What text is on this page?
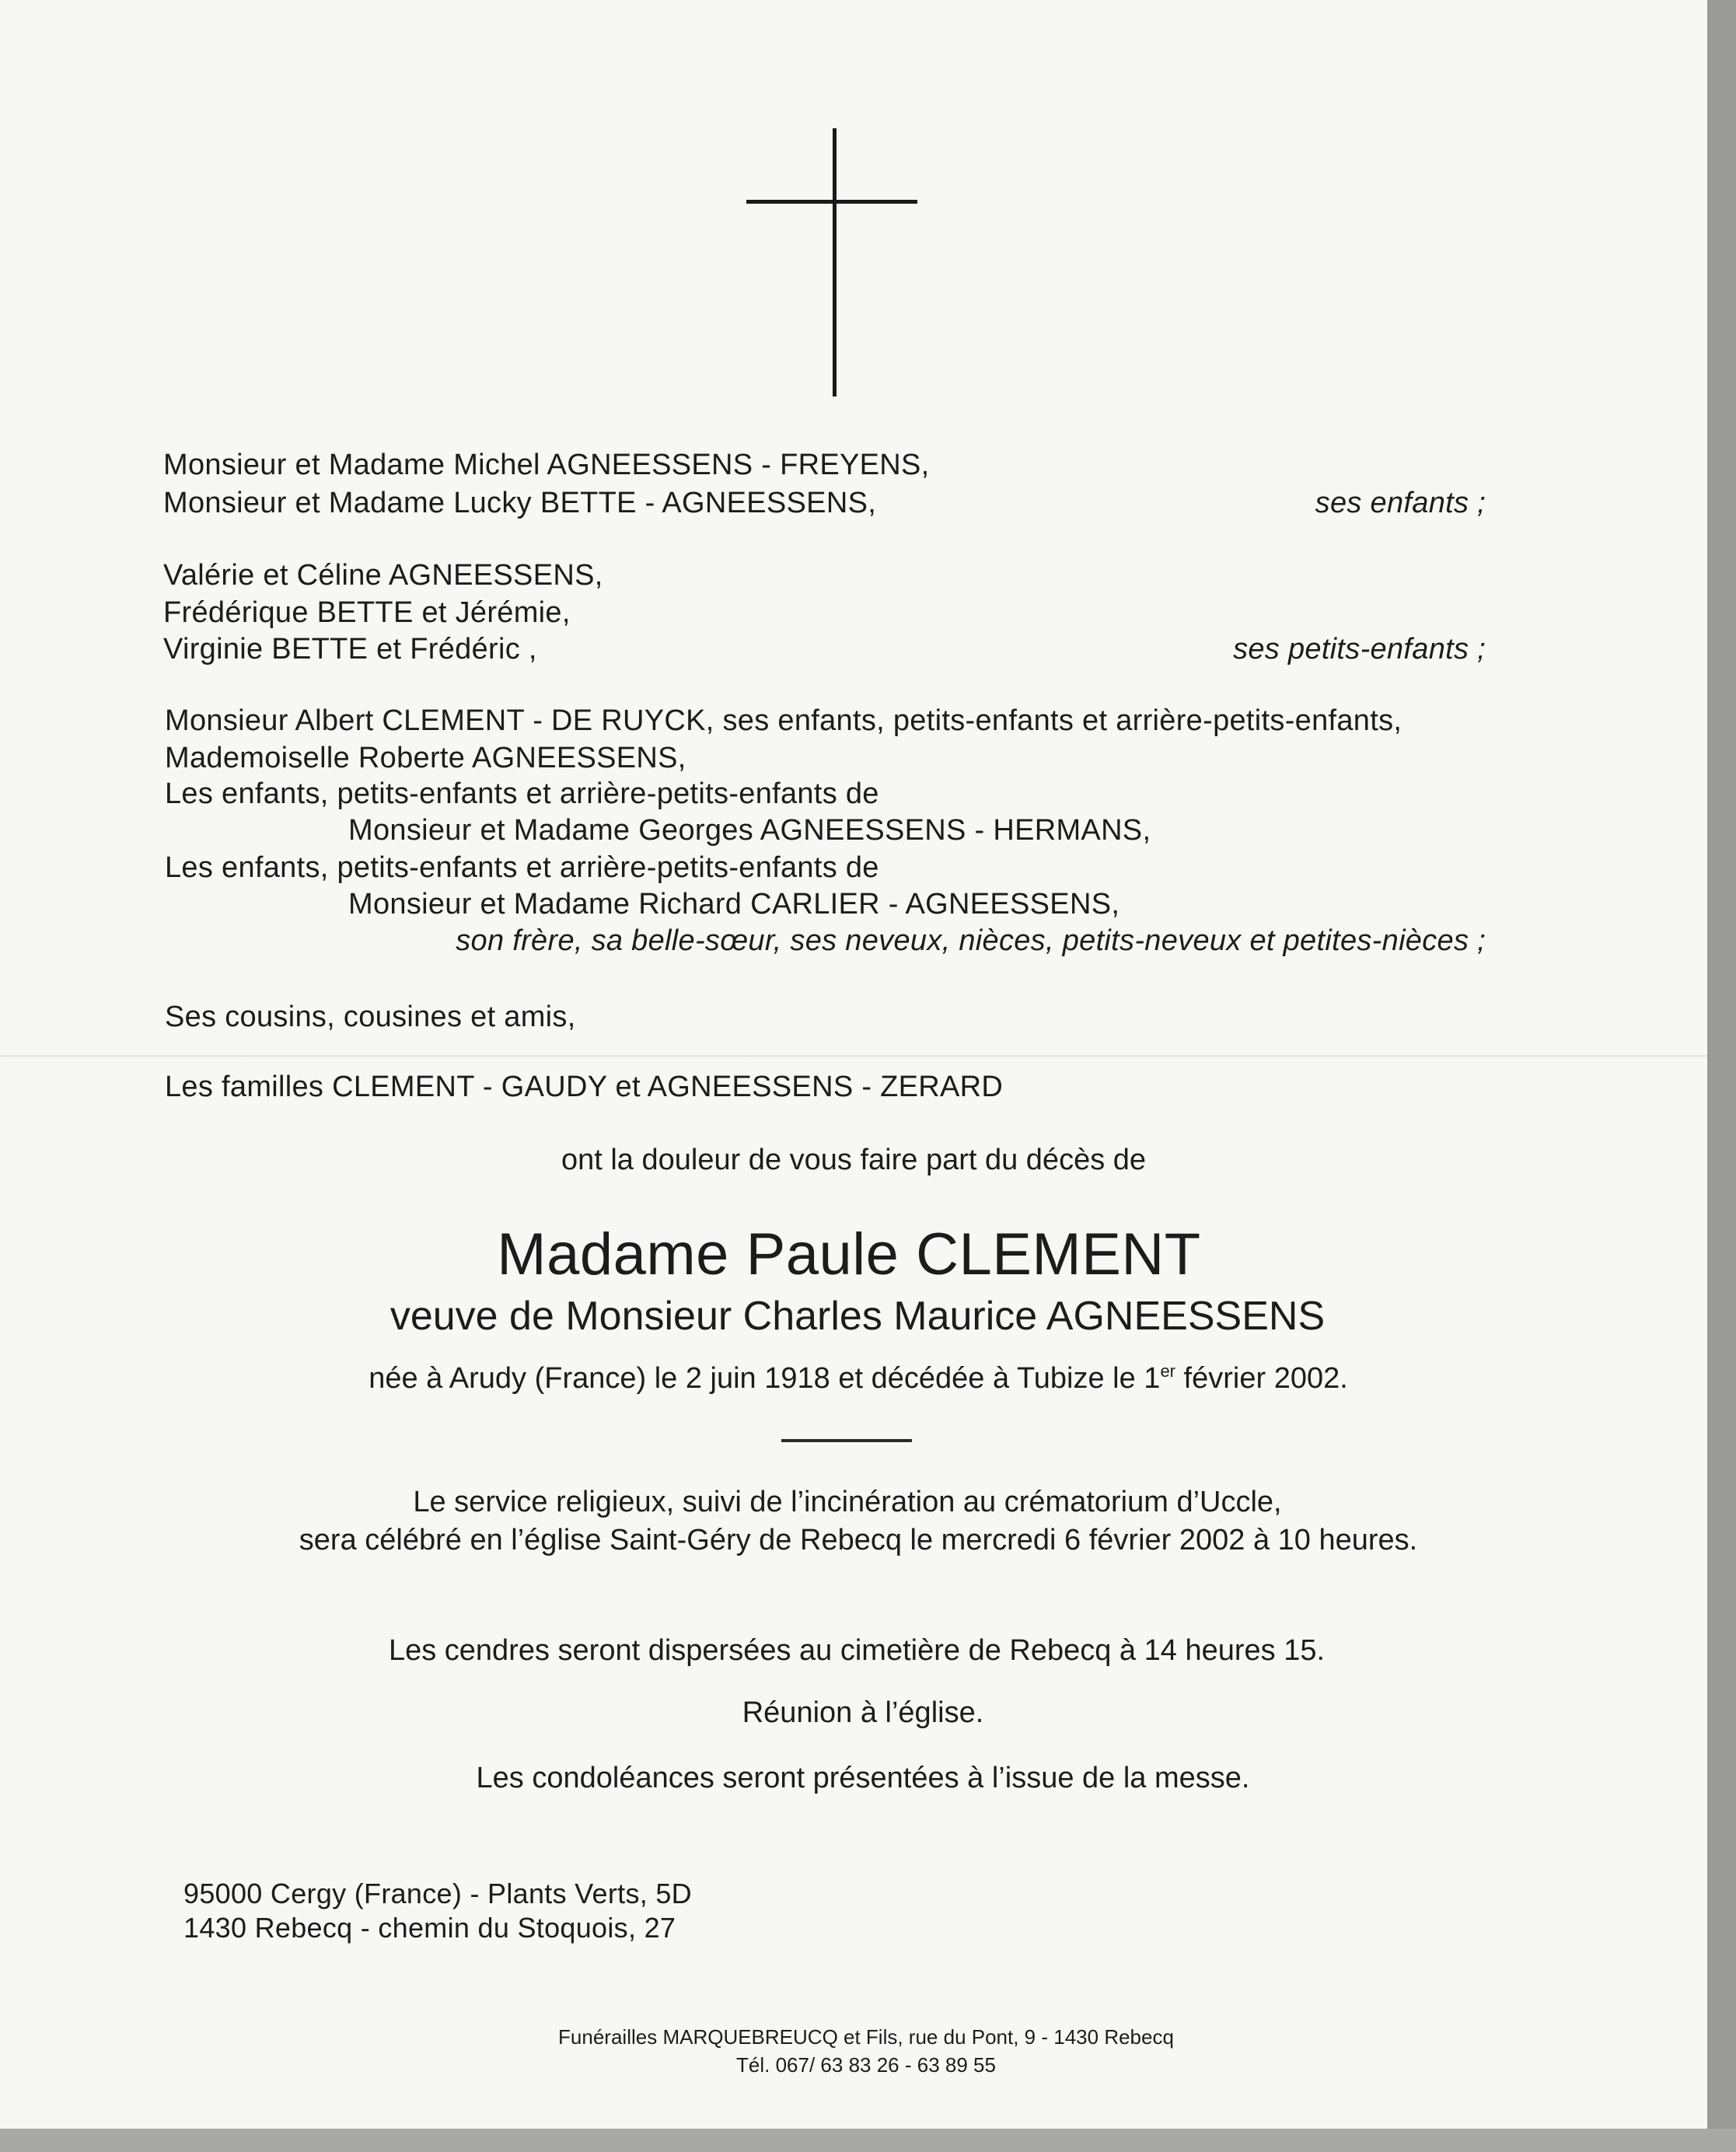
Monsieur et Madame Michel AGNEESSENS - FREYENS,
Monsieur et Madame Lucky BETTE - AGNEESSENS,	ses enfants ;
Valérie et Céline AGNEESSENS,
Frédérique BETTE et Jérémie,
Virginie BETTE et Frédéric ,	ses petits-enfants ;
Monsieur Albert CLEMENT - DE RUYCK, ses enfants, petits-enfants et arrière-petits-enfants,
Mademoiselle Roberte AGNEESSENS,
Les enfants, petits-enfants et arrière-petits-enfants de
Monsieur et Madame Georges AGNEESSENS - HERMANS,
Les enfants, petits-enfants et arrière-petits-enfants de
Monsieur et Madame Richard CARLIER - AGNEESSENS,
son frère, sa belle-sœur, ses neveux, nièces, petits-neveux et petites-nièces ;
Ses cousins, cousines et amis,
Les familles CLEMENT - GAUDY et AGNEESSENS - ZERARD
ont la douleur de vous faire part du décès de
Madame Paule CLEMENT
veuve de Monsieur Charles Maurice AGNEESSENS
née à Arudy (France) le 2 juin 1918 et décédée à Tubize le 1er février 2002.
Le service religieux, suivi de l’incinération au crématorium d’Uccle,
sera célébré en l’église Saint-Géry de Rebecq le mercredi 6 février 2002 à 10 heures.
Les cendres seront dispersées au cimetière de Rebecq à 14 heures 15.
Réunion à l’église.
Les condoléances seront présentées à l’issue de la messe.
95000 Cergy (France) - Plants Verts, 5D
1430 Rebecq - chemin du Stoquois, 27
Funérailles MARQUEBREUCQ et Fils, rue du Pont, 9 - 1430 Rebecq
Tél. 067/ 63 83 26 - 63 89 55
